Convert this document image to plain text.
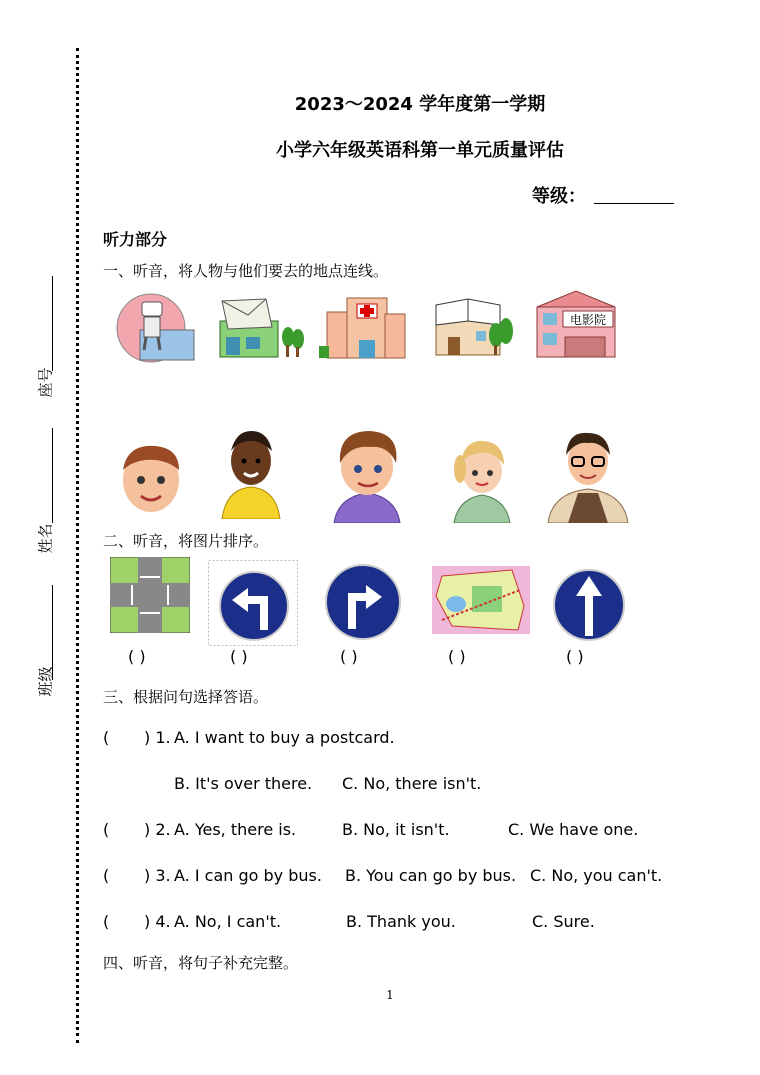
座号
姓名
班级
2023～2024 学年度第一学期
小学六年级英语科第一单元质量评估
等级：
听力部分
一、听音，将人物与他们要去的地点连线。
电影院
二、听音，将图片排序。
( )	( )	( )	( )	( )
三、根据问句选择答语。
( ) 1. A. I want to buy a postcard.
B. It's over there. C. No, there isn't.
( ) 2. A. Yes, there is.	B. No, it isn't.	C. We have one.
( ) 3. A. I can go by bus. B. You can go by bus. C. No, you can't.
( ) 4. A. No, I can't.	B. Thank you.	C. Sure.
四、听音，将句子补充完整。
1
